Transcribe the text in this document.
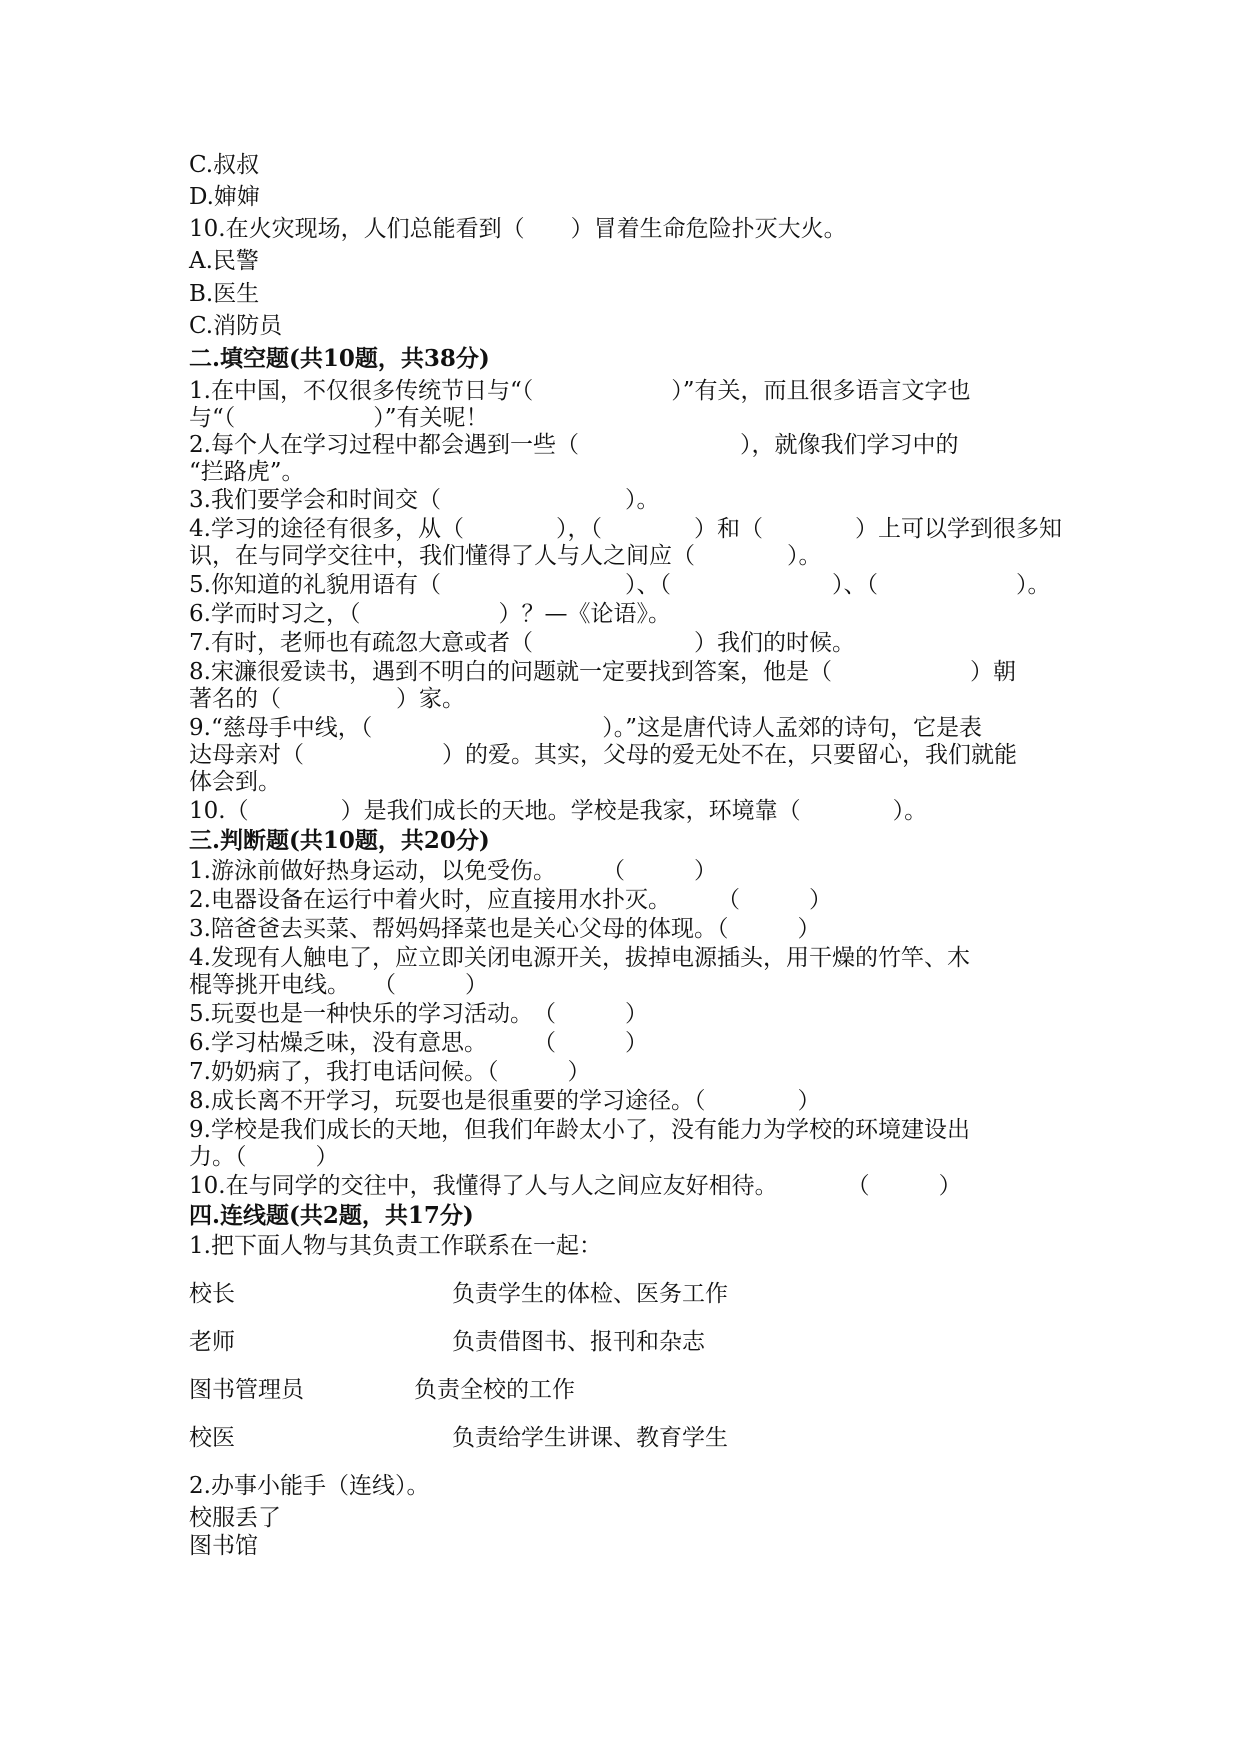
C.叔叔
D.婶婶
10.在火灾现场，人们总能看到（　　）冒着生命危险扑灭大火。
A.民警
B.医生
C.消防员
二.填空题(共10题，共38分)
1.在中国，不仅很多传统节日与“（　　　　　　）”有关，而且很多语言文字也
与“（　　　　　　）”有关呢！
2.每个人在学习过程中都会遇到一些（　　　　　　　），就像我们学习中的
“拦路虎”。
3.我们要学会和时间交（　　　　　　　　）。
4.学习的途径有很多，从（　　　　），（　　　　）和（　　　　）上可以学到很多知
识，在与同学交往中，我们懂得了人与人之间应（　　　　）。
5.你知道的礼貌用语有（　　　　　　　　）、（　　　　　　　）、（　　　　　　）。
6.学而时习之，（　　　　　　）？—《论语》。
7.有时，老师也有疏忽大意或者（　　　　　　　）我们的时候。
8.宋濂很爱读书，遇到不明白的问题就一定要找到答案，他是（　　　　　　）朝
著名的（　　　　　）家。
9.“慈母手中线，（　　　　　　　　　　）。”这是唐代诗人孟郊的诗句，它是表
达母亲对（　　　　　　）的爱。其实，父母的爱无处不在，只要留心，我们就能
体会到。
10.（　　　　）是我们成长的天地。学校是我家，环境靠（　　　　）。
三.判断题(共10题，共20分)
1.游泳前做好热身运动，以免受伤。　　　（　　　）
2.电器设备在运行中着火时，应直接用水扑灭。　　　（　　　）
3.陪爸爸去买菜、帮妈妈择菜也是关心父母的体现。（　　　）
4.发现有人触电了，应立即关闭电源开关，拔掉电源插头，用干燥的竹竿、木
棍等挑开电线。　　（　　　）
5.玩耍也是一种快乐的学习活动。　（　　　）
6.学习枯燥乏味，没有意思。　　　（　　　）
7.奶奶病了，我打电话问候。（　　　）
8.成长离不开学习，玩耍也是很重要的学习途径。（　　　　）
9.学校是我们成长的天地，但我们年龄太小了，没有能力为学校的环境建设出
力。（　　　）
10.在与同学的交往中，我懂得了人与人之间应友好相待。　　　　（　　　）
四.连线题(共2题，共17分)
1.把下面人物与其负责工作联系在一起：
校长	负责学生的体检、医务工作
老师	负责借图书、报刊和杂志
图书管理员	负责全校的工作
校医	负责给学生讲课、教育学生
2.办事小能手（连线）。
校服丢了
图书馆
